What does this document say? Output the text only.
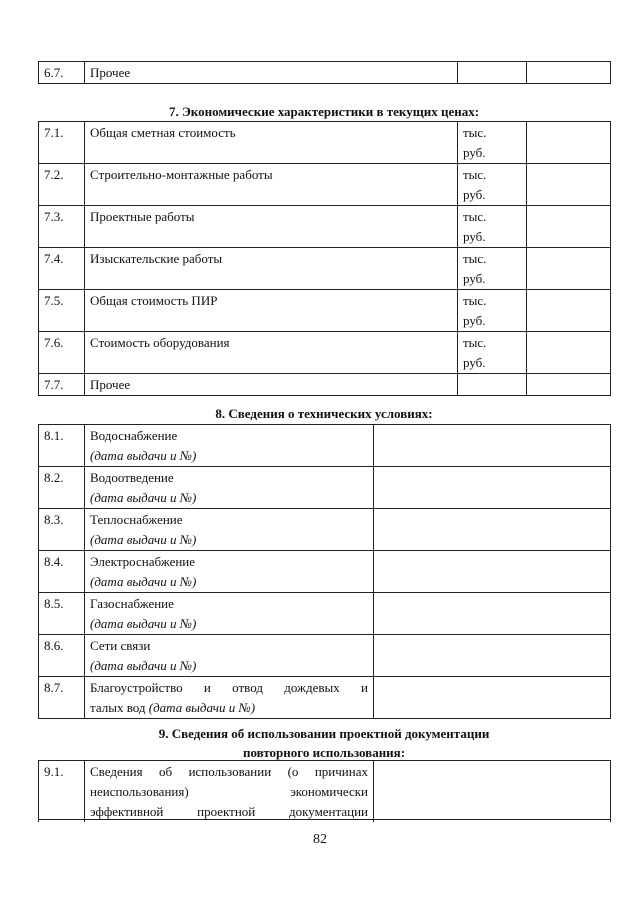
6.7.	Прочее		
7. Экономические характеристики в текущих ценах:
7.1.	Общая сметная стоимость	тыс.
руб.	

7.2.	Строительно-монтажные работы	тыс.
руб.	

7.3.	Проектные работы	тыс.
руб.	

7.4.	Изыскательские работы	тыс.
руб.	

7.5.	Общая стоимость ПИР	тыс.
руб.	

7.6.	Стоимость оборудования	тыс.
руб.	

7.7.	Прочее		
8. Сведения о технических условиях:
8.1.	Водоснабжение
(дата выдачи и №)	

8.2.	Водоотведение
(дата выдачи и №)	

8.3.	Теплоснабжение
(дата выдачи и №)	

8.4.	Электроснабжение
(дата выдачи и №)	

8.5.	Газоснабжение
(дата выдачи и №)	

8.6.	Сети связи
(дата выдачи и №)	

8.7.	Благоустройство и отвод дождевых и
талых вод (дата выдачи и №)	

9. Сведения об использовании проектной документации
повторного использования:
9.1.	Сведения об использовании (о причинах
неиспользования) экономически
эффективной проектной документации

82
